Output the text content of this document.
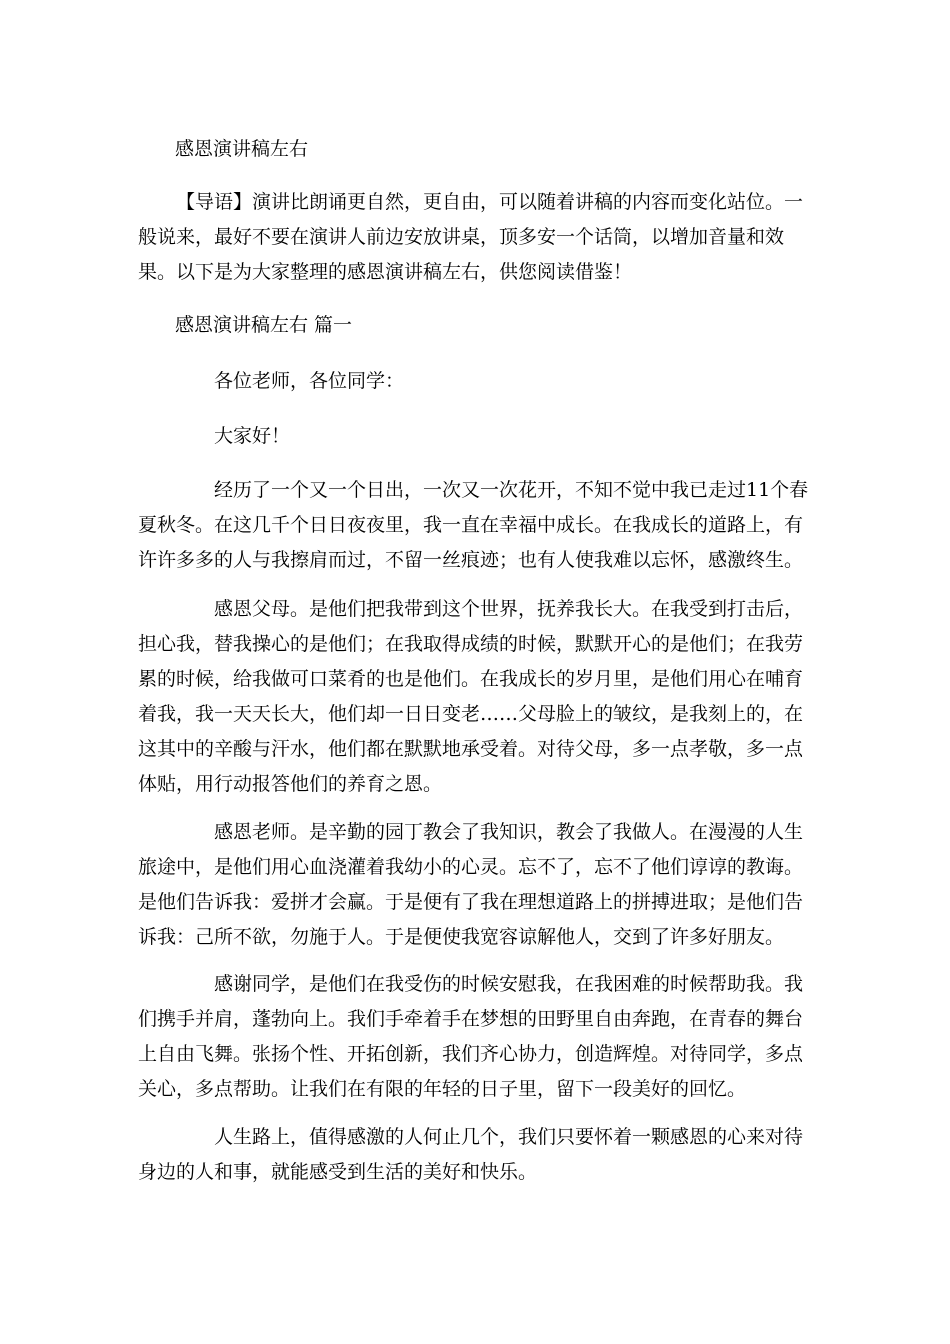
感恩演讲稿左右

【导语】演讲比朗诵更自然，更自由，可以随着讲稿的内容而变化站位。一般说来，最好不要在演讲人前边安放讲桌，顶多安一个话筒，以增加音量和效果。以下是为大家整理的感恩演讲稿左右，供您阅读借鉴！

感恩演讲稿左右 篇一

各位老师，各位同学：

大家好！

经历了一个又一个日出，一次又一次花开，不知不觉中我已走过11个春夏秋冬。在这几千个日日夜夜里，我一直在幸福中成长。在我成长的道路上，有许许多多的人与我擦肩而过，不留一丝痕迹；也有人使我难以忘怀，感激终生。

感恩父母。是他们把我带到这个世界，抚养我长大。在我受到打击后，担心我，替我操心的是他们；在我取得成绩的时候，默默开心的是他们；在我劳累的时候，给我做可口菜肴的也是他们。在我成长的岁月里，是他们用心在哺育着我，我一天天长大，他们却一日日变老……父母脸上的皱纹，是我刻上的，在这其中的辛酸与汗水，他们都在默默地承受着。对待父母，多一点孝敬，多一点体贴，用行动报答他们的养育之恩。

感恩老师。是辛勤的园丁教会了我知识，教会了我做人。在漫漫的人生旅途中，是他们用心血浇灌着我幼小的心灵。忘不了，忘不了他们谆谆的教诲。是他们告诉我：爱拼才会赢。于是便有了我在理想道路上的拼搏进取；是他们告诉我：己所不欲，勿施于人。于是便使我宽容谅解他人，交到了许多好朋友。

感谢同学，是他们在我受伤的时候安慰我，在我困难的时候帮助我。我们携手并肩，蓬勃向上。我们手牵着手在梦想的田野里自由奔跑，在青春的舞台上自由飞舞。张扬个性、开拓创新，我们齐心协力，创造辉煌。对待同学，多点关心，多点帮助。让我们在有限的年轻的日子里，留下一段美好的回忆。

人生路上，值得感激的人何止几个，我们只要怀着一颗感恩的心来对待身边的人和事，就能感受到生活的美好和快乐。
